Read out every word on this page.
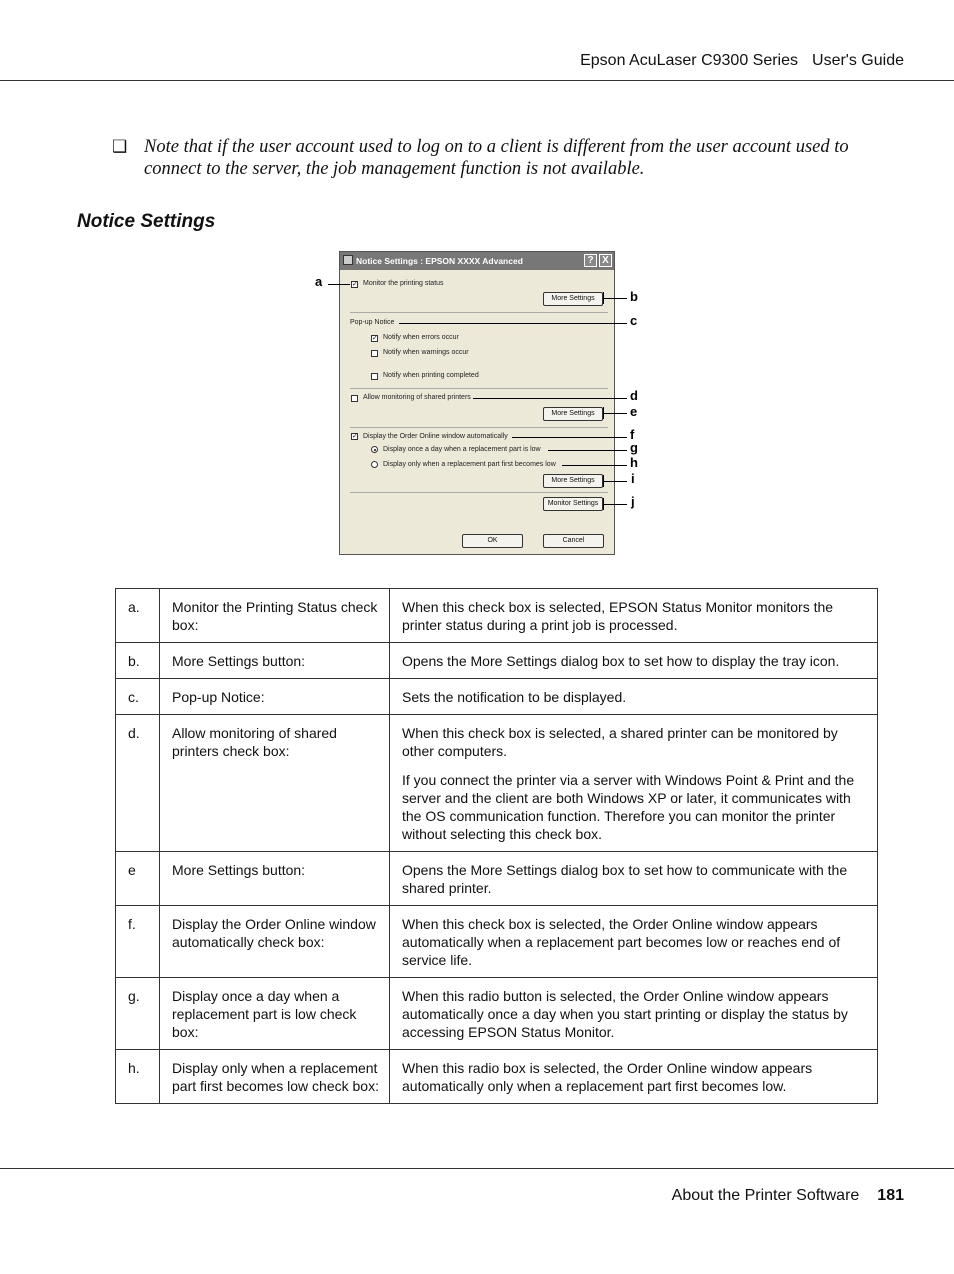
Epson AcuLaser C9300 Series User's Guide
❑ Note that if the user account used to log on to a client is different from the user account used to connect to the server, the job management function is not available.
Notice Settings
Notice Settings : EPSON XXXX Advanced	? X
✓ Monitor the printing status
More Settings
Pop-up Notice
✓ Notify when errors occur
Notify when warnings occur
Notify when printing completed
Allow monitoring of shared printers
More Settings
✓ Display the Order Online window automatically
Display once a day when a replacement part is low
Display only when a replacement part first becomes low
More Settings
Monitor Settings
OK	Cancel
a
b
c
d
e
f
g
h
i
j
a.	Monitor the Printing Status check box:	When this check box is selected, EPSON Status Monitor monitors the printer status during a print job is processed.

b.	More Settings button:	Opens the More Settings dialog box to set how to display the tray icon.

c.	Pop-up Notice:	Sets the notification to be displayed.

d.	Allow monitoring of shared printers check box:	When this check box is selected, a shared printer can be monitored by other computers.

If you connect the printer via a server with Windows Point & Print and the server and the client are both Windows XP or later, it communicates with the OS communication function. Therefore you can monitor the printer without selecting this check box.

e	More Settings button:	Opens the More Settings dialog box to set how to communicate with the shared printer.

f.	Display the Order Online window automatically check box:	When this check box is selected, the Order Online window appears automatically when a replacement part becomes low or reaches end of service life.

g.	Display once a day when a replacement part is low check box:	When this radio button is selected, the Order Online window appears automatically once a day when you start printing or display the status by accessing EPSON Status Monitor.

h.	Display only when a replacement part first becomes low check box:	When this radio box is selected, the Order Online window appears automatically only when a replacement part first becomes low.

About the Printer Software 181
